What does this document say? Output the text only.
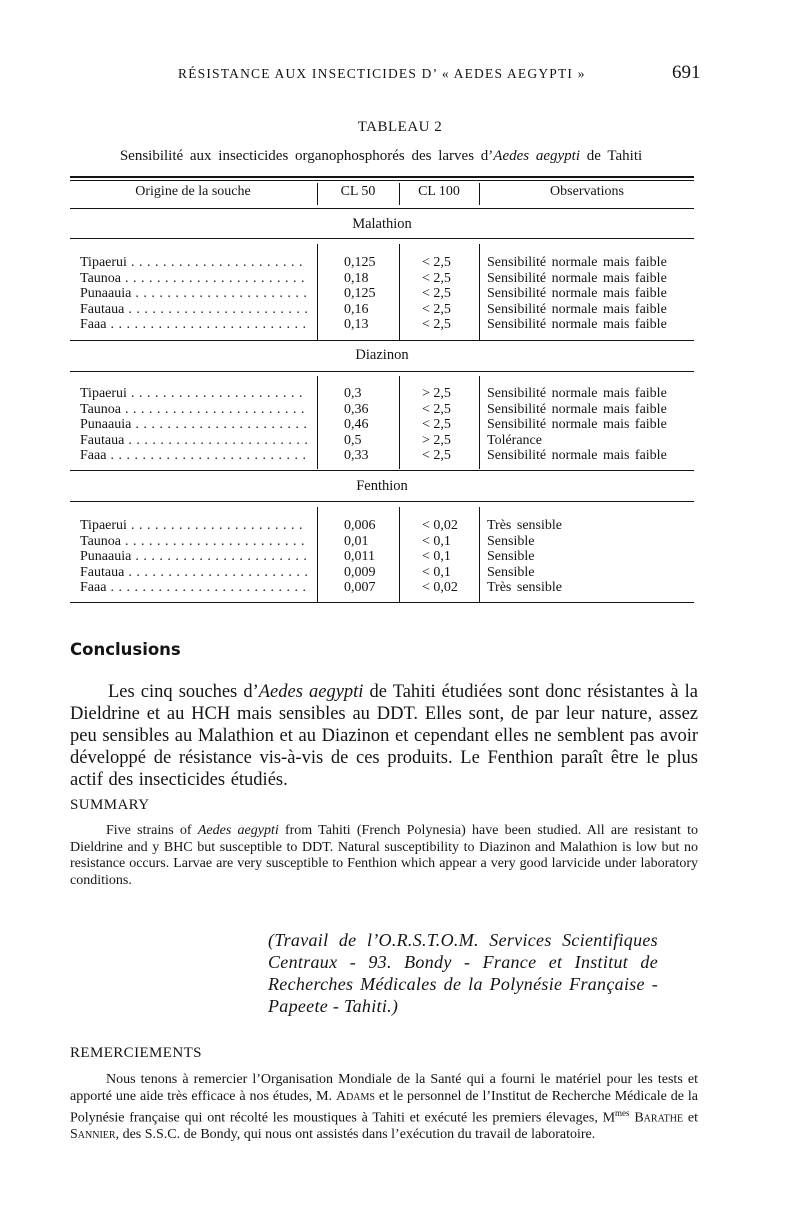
RÉSISTANCE AUX INSECTICIDES D’ « AEDES AEGYPTI »	691
TABLEAU 2
Sensibilité aux insecticides organophosphorés des larves d’Aedes aegypti de Tahiti
Origine de la souche	CL 50	CL 100	Observations
Malathion
Tipaerui . . .	0,125	< 2,5	Sensibilité normale mais faible
Taunoa . . .	0,18	< 2,5	Sensibilité normale mais faible
Punaauia . . .	0,125	< 2,5	Sensibilité normale mais faible
Fautaua . . .	0,16	< 2,5	Sensibilité normale mais faible
Faaa . . .	0,13	< 2,5	Sensibilité normale mais faible
Diazinon
Tipaerui . . .	0,3	> 2,5	Sensibilité normale mais faible
Taunoa . . .	0,36	< 2,5	Sensibilité normale mais faible
Punaauia . . .	0,46	< 2,5	Sensibilité normale mais faible
Fautaua . . .	0,5	> 2,5	Tolérance
Faaa . . .	0,33	< 2,5	Sensibilité normale mais faible
Fenthion
Tipaerui . . .	0,006	< 0,02 Très sensible
Taunoa . . .	0,01	< 0,1	Sensible
Punaauia . . .	0,011	< 0,1	Sensible
Fautaua . . .	0,009	< 0,1	Sensible
Faaa . . .	0,007	< 0,02 Très sensible
Conclusions
Les cinq souches d’Aedes aegypti de Tahiti étudiées sont donc résistantes à la Dieldrine et au HCH mais sensibles au DDT. Elles sont, de par leur nature, assez peu sensibles au Malathion et au Diazinon et cependant elles ne semblent pas avoir développé de résistance vis-à-vis de ces produits. Le Fenthion paraît être le plus actif des insecticides étudiés.
SUMMARY
Five strains of Aedes aegypti from Tahiti (French Polynesia) have been studied. All are resistant to Dieldrine and y BHC but susceptible to DDT. Natural susceptibility to Diazinon and Malathion is low but no resistance occurs. Larvae are very susceptible to Fenthion which appear a very good larvicide under laboratory conditions.
(Travail de l’O.R.S.T.O.M. Services Scientifiques Centraux - 93. Bondy - France et Institut de Recherches Médicales de la Polynésie Française - Papeete - Tahiti.)
REMERCIEMENTS
Nous tenons à remercier l’Organisation Mondiale de la Santé qui a fourni le matériel pour les tests et apporté une aide très efficace à nos études, M. Adams et le personnel de l’Institut de Recherche Médicale de la Polynésie française qui ont récolté les moustiques à Tahiti et exécuté les premiers élevages, $M^{mes}$ Barathe et Sannier, des S.S.C. de Bondy, qui nous ont assistés dans l’exécution du travail de laboratoire.
